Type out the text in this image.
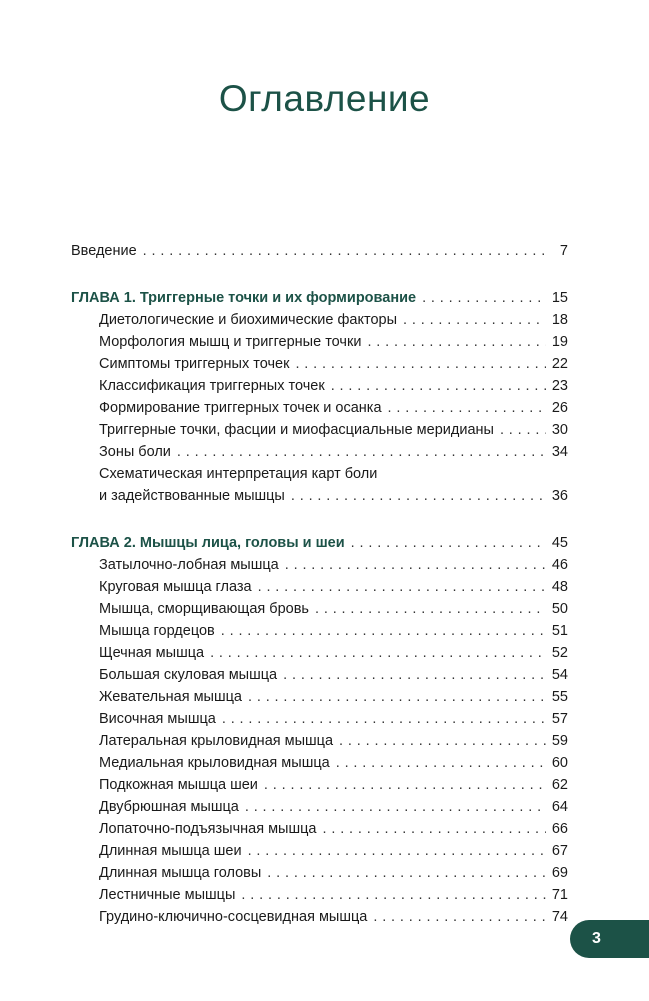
Оглавление
Введение . . .	7
ГЛАВА 1. Триггерные точки и их формирование . . .	15
Диетологические и биохимические факторы . . .	18
Морфология мышц и триггерные точки . . .	19
Симптомы триггерных точек . . .	22
Классификация триггерных точек . . .	23
Формирование триггерных точек и осанка . . .	26
Триггерные точки, фасции и миофасциальные меридианы . . .	30
Зоны боли . . .	34
Схематическая интерпретация карт боли
и задействованные мышцы . . .	36
ГЛАВА 2. Мышцы лица, головы и шеи . . .	45
Затылочно-лобная мышца . . .	46
Круговая мышца глаза . . .	48
Мышца, сморщивающая бровь . . .	50
Мышца гордецов . . .	51
Щечная мышца . . .	52
Большая скуловая мышца . . .	54
Жевательная мышца . . .	55
Височная мышца . . .	57
Латеральная крыловидная мышца . . .	59
Медиальная крыловидная мышца . . .	60
Подкожная мышца шеи . . .	62
Двубрюшная мышца . . .	64
Лопаточно-подъязычная мышца . . .	66
Длинная мышца шеи . . .	67
Длинная мышца головы . . .	69
Лестничные мышцы . . .	71
Грудино-ключично-сосцевидная мышца . . .	74
3
